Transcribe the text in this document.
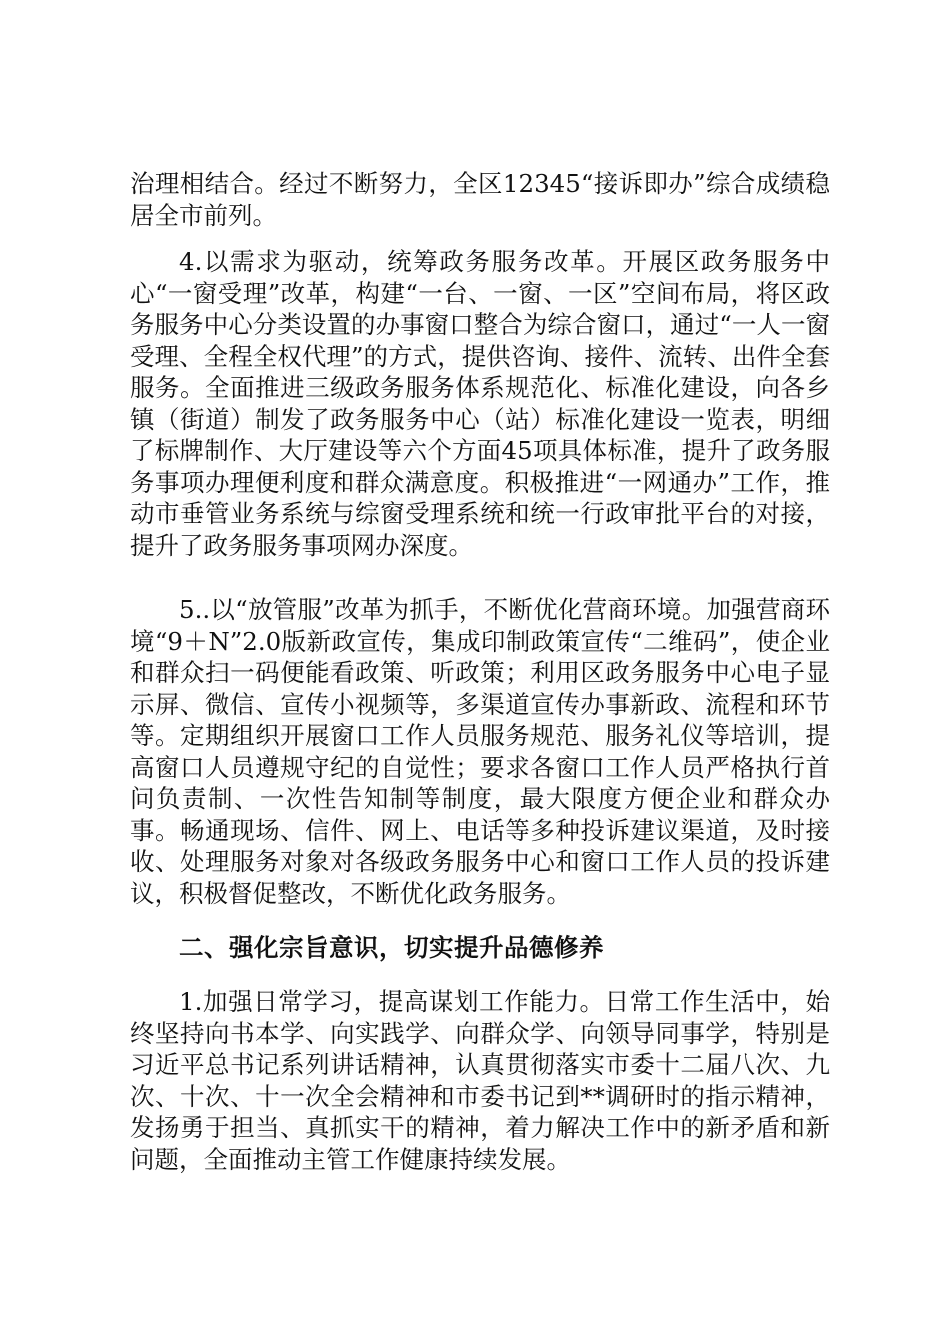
治理相结合。经过不断努力，全区12345“接诉即办”综合成绩稳居全市前列。

4.以需求为驱动，统筹政务服务改革。开展区政务服务中心“一窗受理”改革，构建“一台、一窗、一区”空间布局，将区政务服务中心分类设置的办事窗口整合为综合窗口，通过“一人一窗受理、全程全权代理”的方式，提供咨询、接件、流转、出件全套服务。全面推进三级政务服务体系规范化、标准化建设，向各乡镇（街道）制发了政务服务中心（站）标准化建设一览表，明细了标牌制作、大厅建设等六个方面45项具体标准，提升了政务服务事项办理便利度和群众满意度。积极推进“一网通办”工作，推动市垂管业务系统与综窗受理系统和统一行政审批平台的对接，提升了政务服务事项网办深度。

5..以“放管服”改革为抓手，不断优化营商环境。加强营商环境“9＋N”2.0版新政宣传，集成印制政策宣传“二维码”，使企业和群众扫一码便能看政策、听政策；利用区政务服务中心电子显示屏、微信、宣传小视频等，多渠道宣传办事新政、流程和环节等。定期组织开展窗口工作人员服务规范、服务礼仪等培训，提高窗口人员遵规守纪的自觉性；要求各窗口工作人员严格执行首问负责制、一次性告知制等制度，最大限度方便企业和群众办事。畅通现场、信件、网上、电话等多种投诉建议渠道，及时接收、处理服务对象对各级政务服务中心和窗口工作人员的投诉建议，积极督促整改，不断优化政务服务。

二、强化宗旨意识，切实提升品德修养

1.加强日常学习，提高谋划工作能力。日常工作生活中，始终坚持向书本学、向实践学、向群众学、向领导同事学，特别是习近平总书记系列讲话精神，认真贯彻落实市委十二届八次、九次、十次、十一次全会精神和市委书记到**调研时的指示精神，发扬勇于担当、真抓实干的精神，着力解决工作中的新矛盾和新问题，全面推动主管工作健康持续发展。
